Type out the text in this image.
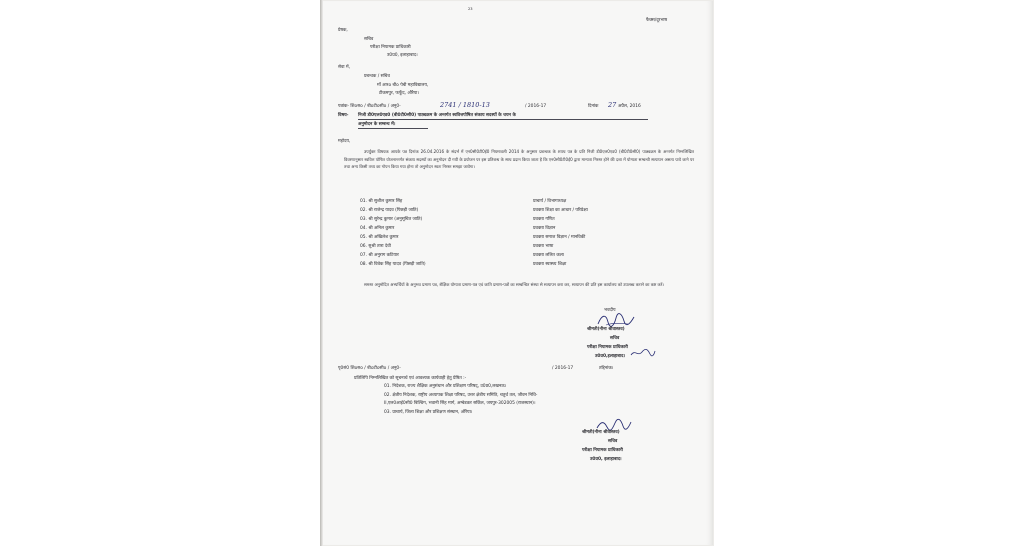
23
फैक्स/दूरभाष
प्रेषक,
सचिव
परीक्षा नियामक प्राधिकारी
उ0प्र0, इलाहाबाद।
सेवा में,
प्रबन्धक / सचिव
माँ आरo बीo पेबी महाविद्यालय,
टीकमपुर, फफूँद, औरैया।
पत्रांक- शिoसo / बीoटीoसीo / अनु0-	2741 / 1810-13	/ 2016-17	दिनांक 27 अप्रैल, 2016
विषय- निजी डी0एल0एड0 (बी0टी0सी0) पाठ्यक्रम के अन्तर्गत स्ववित्तपोषित संकाय सदस्यों के चयन के
अनुमोदन के सम्बन्ध में।
महोदय,
उपर्युक्त विषयक आपके पत्र दिनांक 26.04.2016 के संदर्भ में एन0सी0टी0ई0 नियमावली 2014 के अनुसार प्रबन्धक के शपथ पत्र के प्रति निजी डी0एल0एड0 (बी0टी0सी0) पाठ्यक्रम के अन्तर्गत निम्नलिखित विवरणानुसार स्ववित्त पोषित योजनान्तर्गत संकाय सदस्यों का अनुमोदन दी गयी के प्रयोजन पर इस प्रतिबन्ध के साथ प्रदान किया जाता है कि एन0सी0टी0ई0 द्वारा मान्यता निरस्त होने की दशा में योग्यता सम्बन्धी सत्यापन असत्य पाये जाने पर तथा अन्य किसी तथ्य का गोपन किया गया होना तो अनुमोदन स्वतः निरस्त समझा जायेगा।
01. श्री सुशील कुमार सिंह	प्राचार्य / विभागाध्यक्ष
02. श्री राजेन्द्र यादव (पिछड़ी जाति)	प्रवक्ता शिक्षा का आधार / परिप्रेक्ष्य
03. श्री सुरेन्द्र कुमार (अनुसूचित जाति)	प्रवक्ता गणित
04. श्री अनिल कुमार	प्रवक्ता विज्ञान
05. श्री अखिलेश कुमार	प्रवक्ता समाज विज्ञान / मानविकी
06. सुश्री तारा देवी	प्रवक्ता भाषा
07. श्री अनुराग कटियार	प्रवक्ता ललित कला
08. श्री विवेक सिंह यादव (पिछड़ी जाति)	प्रवक्ता स्वास्थ्य शिक्षा
समस्त अनुमोदित अभ्यर्थियों के अनुभव प्रमाण पत्र, शैक्षिक योग्यता प्रमाण-पत्र एवं जाति प्रमाण-पत्रों का सम्बन्धित संस्था से सत्यापन करा कर, सत्यापन की प्रति इस कार्यालय को उपलब्ध कराने का कष्ट करें।
भवदीय
श्रीमती(नीना श्रीवास्तव)
सचिव
परीक्षा नियामक प्राधिकारी
उ0प्र0,इलाहाबाद।
पृ0सं0 शिoसo / बीoटीoसीo / अनु0-	/ 2016-17	तद्दिनांक।
प्रतिलिपि निम्नलिखित को सूचनार्थ एवं आवश्यक कार्यवाही हेतु प्रेषित :-
01. निदेशक, राज्य शैक्षिक अनुसंधान और प्रशिक्षण परिषद्, उ0प्र0,लखनऊ।
02. क्षेत्रीय निदेशक, राष्ट्रीय अध्यापक शिक्षा परिषद, उत्तर क्षेत्रीय समिति, चतुर्थ तल, जीवन निधि-
II,एल0आई0सी0 बिल्डिंग, भवानी सिंह मार्ग, अम्बेडकर सर्किल, जयपुर-302005 (राजस्थान)।
03. प्राचार्य, जिला शिक्षा और प्रशिक्षण संस्थान, औरैया।
श्रीमती(नीना श्रीवास्तव)
सचिव
परीक्षा नियामक प्राधिकारी
उ0प्र0, इलाहाबाद।
